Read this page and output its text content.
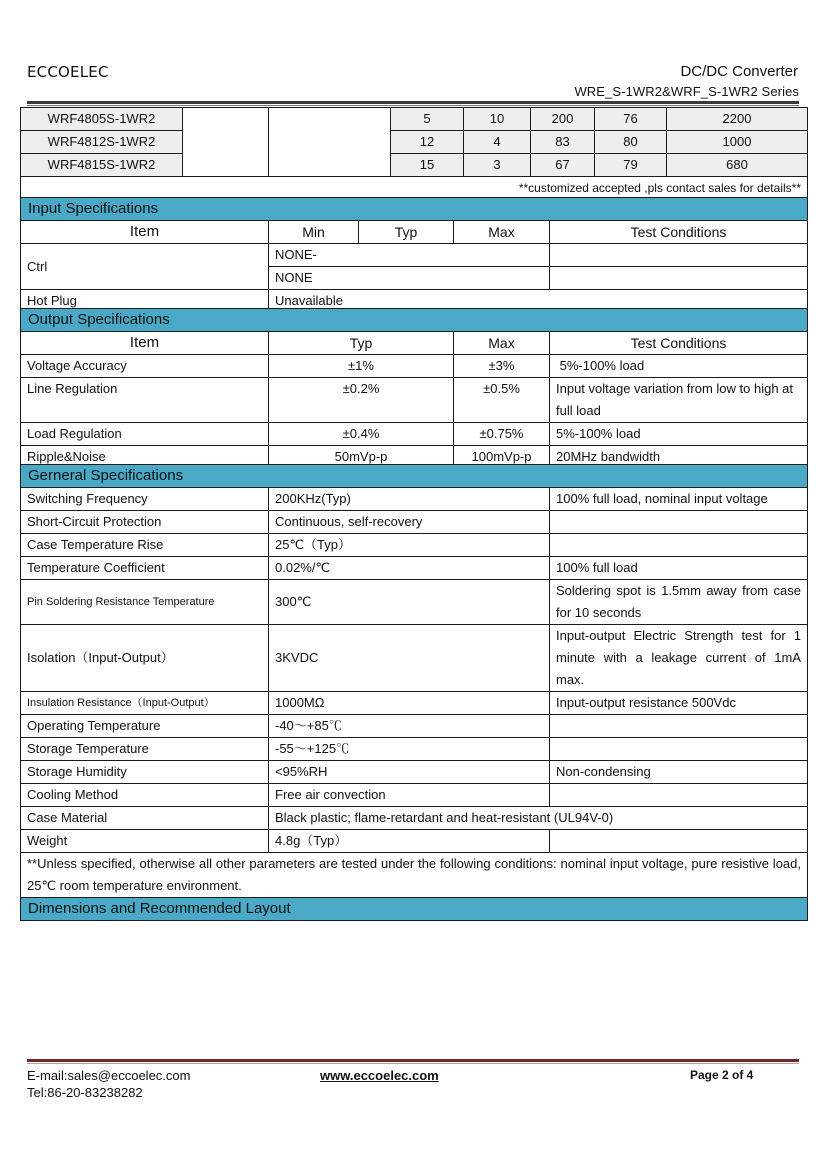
ECCOELEC	DC/DC Converter
WRE_S-1WR2&WRF_S-1WR2 Series
WRF4805S-1WR2			5	10	200	76	2200
WRF4812S-1WR2			12	4	83	80	1000
WRF4815S-1WR2			15	3	67	79	680
**customized accepted ,pls contact sales for details**							
Input Specifications				
Item	Min	Typ	Max	Test Conditions
Ctrl	NONE-			
	NONE			
Hot Plug	Unavailable			
Output Specifications			
Item	Typ	Max	Test Conditions
Voltage Accuracy	±1%	±3%	5%-100% load
Line Regulation	±0.2%	±0.5%	Input voltage variation from low to high at full load
Load Regulation	±0.4%	±0.75%	5%-100% load
Ripple&Noise	50mVp-p	100mVp-p	20MHz bandwidth
Gerneral Specifications		
Switching Frequency	200KHz(Typ)	100% full load, nominal input voltage
Short-Circuit Protection	Continuous, self-recovery	
Case Temperature Rise	25℃（Typ）	
Temperature Coefficient	0.02%/℃	100% full load
Pin Soldering Resistance Temperature	300℃	Soldering spot is 1.5mm away from case for 10 seconds
Isolation（Input-Output）	3KVDC	Input-output Electric Strength test for 1 minute with a leakage current of 1mA max.
Insulation Resistance（Input-Output）	1000MΩ	Input-output resistance 500Vdc
Operating Temperature	-40～+85℃	
Storage Temperature	-55～+125℃	
Storage Humidity	<95%RH	Non-condensing
Cooling Method	Free air convection	
Case Material	Black plastic; flame-retardant and heat-resistant (UL94V-0)	
Weight	4.8g（Typ）	
**Unless specified, otherwise all other parameters are tested under the following conditions: nominal input voltage, pure resistive load, 25℃ room temperature environment.		
Dimensions and Recommended Layout		
E-mail:sales@eccoelec.com
Tel:86-20-83238282
www.eccoelec.com	Page 2 of 4
